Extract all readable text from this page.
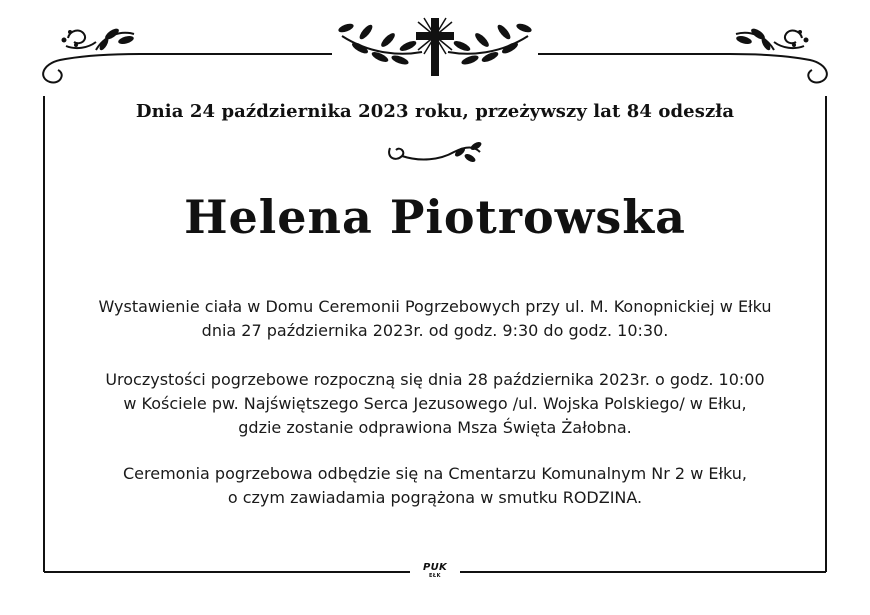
Dnia 24 października 2023 roku, przeżywszy lat 84 odeszła
Helena Piotrowska
Wystawienie ciała w Domu Ceremonii Pogrzebowych przy ul. M. Konopnickiej w Ełku
dnia 27 października 2023r. od godz. 9:30 do godz. 10:30.
Uroczystości pogrzebowe rozpoczną się dnia 28 października 2023r. o godz. 10:00
w Kościele pw. Najświętszego Serca Jezusowego /ul. Wojska Polskiego/ w Ełku,
gdzie zostanie odprawiona Msza Święta Żałobna.
Ceremonia pogrzebowa odbędzie się na Cmentarzu Komunalnym Nr 2 w Ełku,
o czym zawiadamia pogrążona w smutku RODZINA.
PUK
EŁK
